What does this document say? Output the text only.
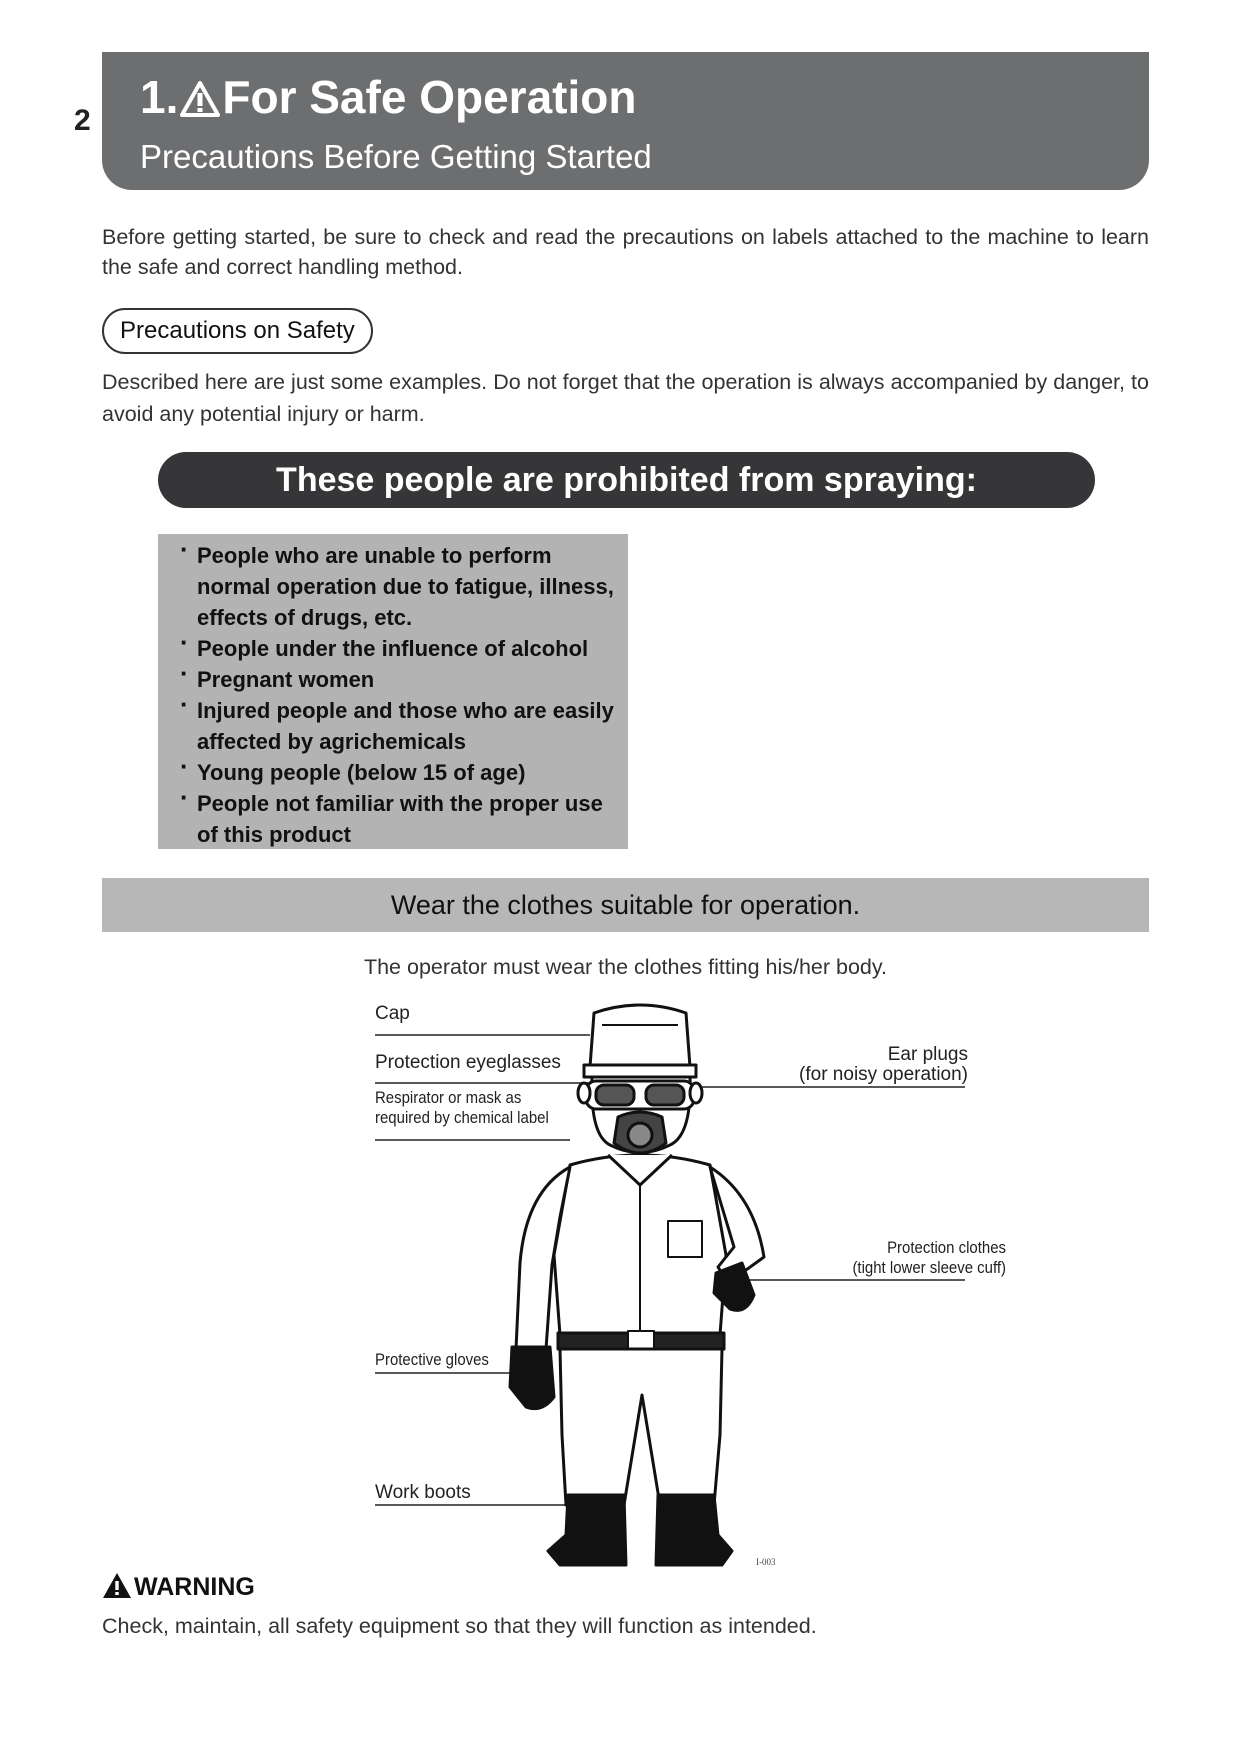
2 1. For Safe Operation
Precautions Before Getting Started
Before getting started, be sure to check and read the precautions on labels attached to the machine to learn the safe and correct handling method.
Precautions on Safety
Described here are just some examples. Do not forget that the operation is always accompanied by danger, to avoid any potential injury or harm.
These people are prohibited from spraying:
· People who are unable to perform normal operation due to fatigue, illness, effects of drugs, etc.
· People under the influence of alcohol
· Pregnant women
· Injured people and those who are easily affected by agrichemicals
· Young people (below 15 of age)
· People not familiar with the proper use of this product
Wear the clothes suitable for operation.
The operator must wear the clothes fitting his/her body.
Cap
Protection eyeglasses
Respirator or mask as
required by chemical label
Ear plugs
(for noisy operation)
Protection clothes
(tight lower sleeve cuff)
Protective gloves
Work boots
I-003
WARNING
Check, maintain, all safety equipment so that they will function as intended.
